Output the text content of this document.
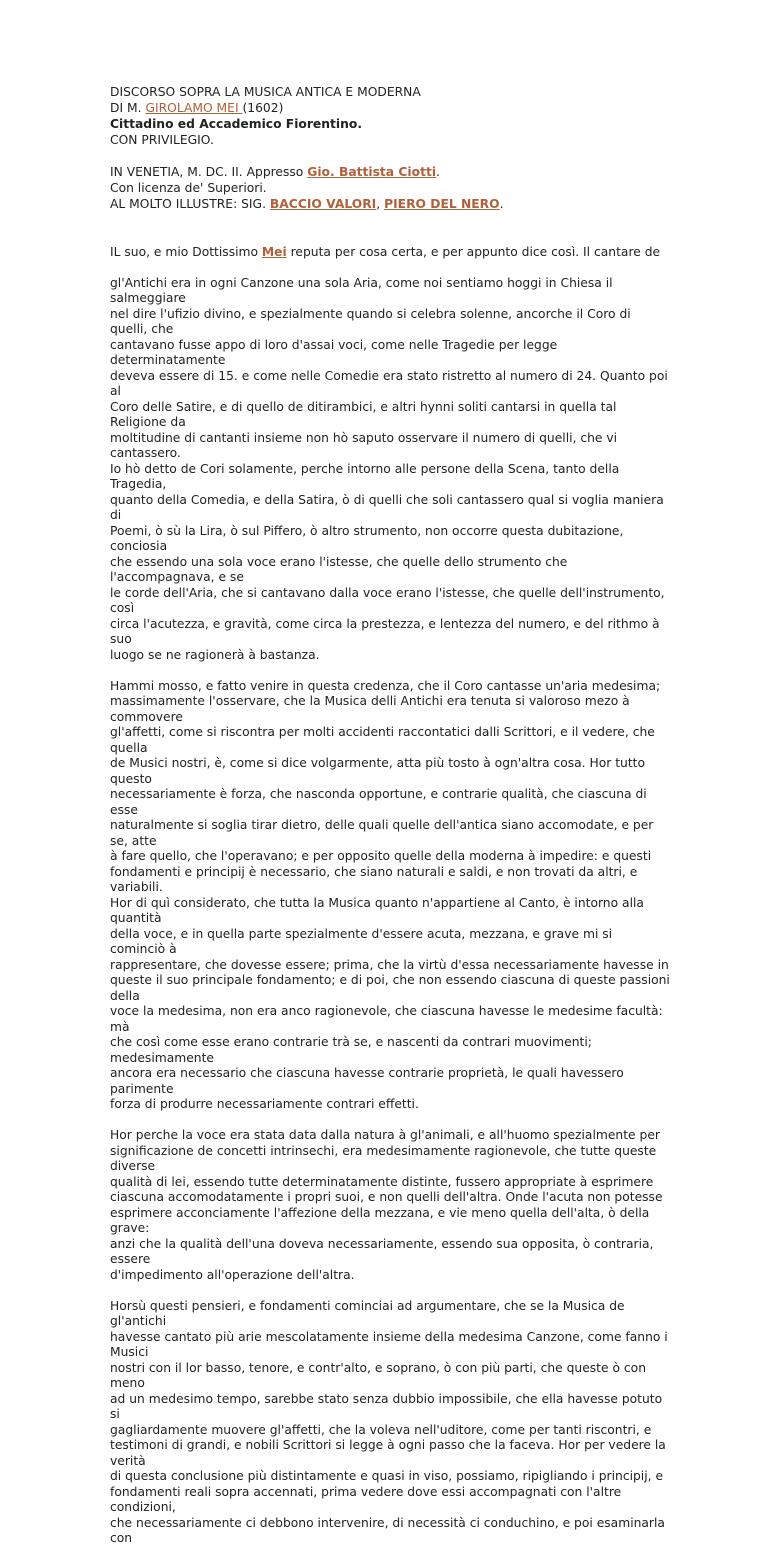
DISCORSO SOPRA LA MUSICA ANTICA E MODERNA

DI M. GIROLAMO MEI (1602)

Cittadino ed Accademico Fiorentino.

CON PRIVILEGIO.

IN VENETIA, M. DC. II. Appresso Gio. Battista Ciotti.

Con licenza de' Superiori.

AL MOLTO ILLUSTRE: SIG. BACCIO VALORI, PIERO DEL NERO.

IL suo, e mio Dottissimo Mei reputa per cosa certa, e per appunto dice così. Il cantare de

gl'Antichi era in ogni Canzone una sola Aria, come noi sentiamo hoggi in Chiesa il salmeggiare
nel dire l'ufizio divino, e spezialmente quando si celebra solenne, ancorche il Coro di quelli, che
cantavano fusse appo di loro d'assai voci, come nelle Tragedie per legge determinatamente
deveva essere di 15. e come nelle Comedie era stato ristretto al numero di 24. Quanto poi al
Coro delle Satire, e di quello de ditirambici, e altri hynni soliti cantarsi in quella tal Religione da
moltitudine di cantanti insieme non hò saputo osservare il numero di quelli, che vi cantassero.
Io hò detto de Cori solamente, perche intorno alle persone della Scena, tanto della Tragedia,
quanto della Comedia, e della Satira, ò di quelli che soli cantassero qual si voglia maniera di
Poemi, ò sù la Lira, ò sul Piffero, ò altro strumento, non occorre questa dubitazione, conciosia
che essendo una sola voce erano l'istesse, che quelle dello strumento che l'accompagnava, e se
le corde dell'Aria, che si cantavano dalla voce erano l'istesse, che quelle dell'instrumento, così
circa l'acutezza, e gravità, come circa la prestezza, e lentezza del numero, e del rithmo à suo
luogo se ne ragionerà à bastanza.

Hammi mosso, e fatto venire in questa credenza, che il Coro cantasse un'aria medesima;
massimamente l'osservare, che la Musica delli Antichi era tenuta si valoroso mezo à commovere
gl'affetti, come si riscontra per molti accidenti raccontatici dalli Scrittori, e il vedere, che quella
de Musici nostri, è, come si dice volgarmente, atta più tosto à ogn'altra cosa. Hor tutto questo
necessariamente è forza, che nasconda opportune, e contrarie qualità, che ciascuna di esse
naturalmente si soglia tirar dietro, delle quali quelle dell'antica siano accomodate, e per se, atte
à fare quello, che l'operavano; e per opposito quelle della moderna à impedire: e questi
fondamenti e principij è necessario, che siano naturali e saldi, e non trovati da altri, e variabili.
Hor di quì considerato, che tutta la Musica quanto n'appartiene al Canto, è intorno alla quantità
della voce, e in quella parte spezialmente d'essere acuta, mezzana, e grave mi si cominciò à
rappresentare, che dovesse essere; prima, che la virtù d'essa necessariamente havesse in
queste il suo principale fondamento; e di poi, che non essendo ciascuna di queste passioni della
voce la medesima, non era anco ragionevole, che ciascuna havesse le medesime facultà: mà
che così come esse erano contrarie trà se, e nascenti da contrari muovimenti; medesimamente
ancora era necessario che ciascuna havesse contrarie proprietà, le quali havessero parimente
forza di produrre necessariamente contrari effetti.

Hor perche la voce era stata data dalla natura à gl'animali, e all'huomo spezialmente per
significazione de concetti intrinsechi, era medesimamente ragionevole, che tutte queste diverse
qualità di lei, essendo tutte determinatamente distinte, fussero appropriate à esprimere
ciascuna accomodatamente i propri suoi, e non quelli dell'altra. Onde l'acuta non potesse
esprimere acconciamente l'affezione della mezzana, e vie meno quella dell'alta, ò della grave:
anzi che la qualità dell'una doveva necessariamente, essendo sua opposita, ò contraria, essere
d'impedimento all'operazione dell'altra.

Horsù questi pensieri, e fondamenti cominciai ad argumentare, che se la Musica de gl'antichi
havesse cantato più arie mescolatamente insieme della medesima Canzone, come fanno i Musici
nostri con il lor basso, tenore, e contr'alto, e soprano, ò con più parti, che queste ò con meno
ad un medesimo tempo, sarebbe stato senza dubbio impossibile, che ella havesse potuto si
gagliardamente muovere gl'affetti, che la voleva nell'uditore, come per tanti riscontri, e
testimoni di grandi, e nobili Scrittori si legge à ogni passo che la faceva. Hor per vedere la verità
di questa conclusione più distintamente e quasi in viso, possiamo, ripigliando i principij, e
fondamenti reali sopra accennati, prima vedere dove essi accompagnati con l'altre condizioni,
che necessariamente ci debbono intervenire, di necessità ci conduchino, e poi esaminarla con
